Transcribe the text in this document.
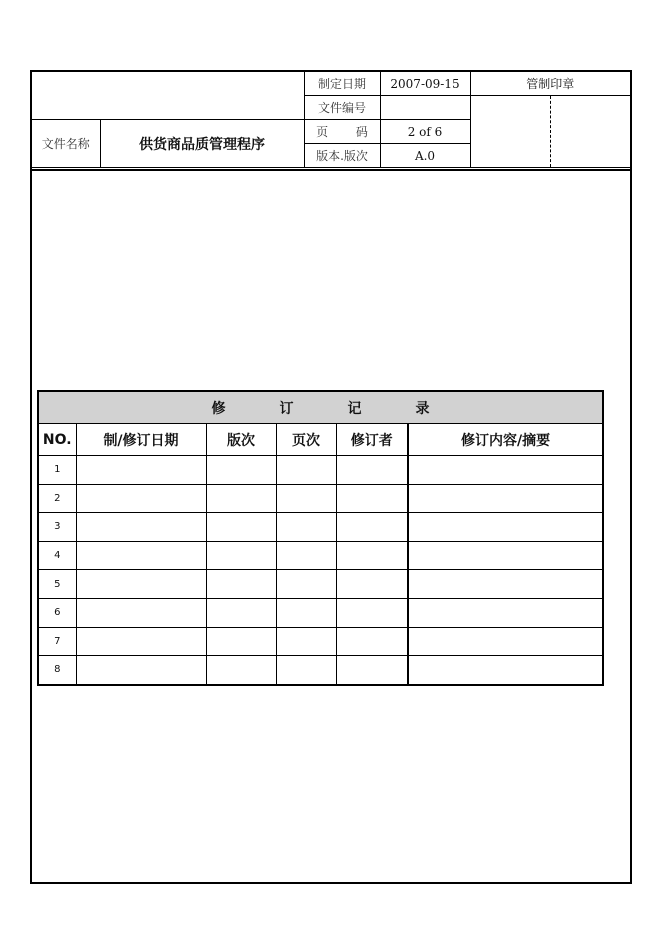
		制定日期	2007-09-15	管制印章
		文件编号		

文件名称	供货商品质管理程序	页 码	2 of 6	
		版本.版次	A.0	
修 订 记 录					
NO.	制/修订日期	版次	页次	修订者	修订内容/摘要
1					
2					
3					
4					
5					
6					
7					
8					
